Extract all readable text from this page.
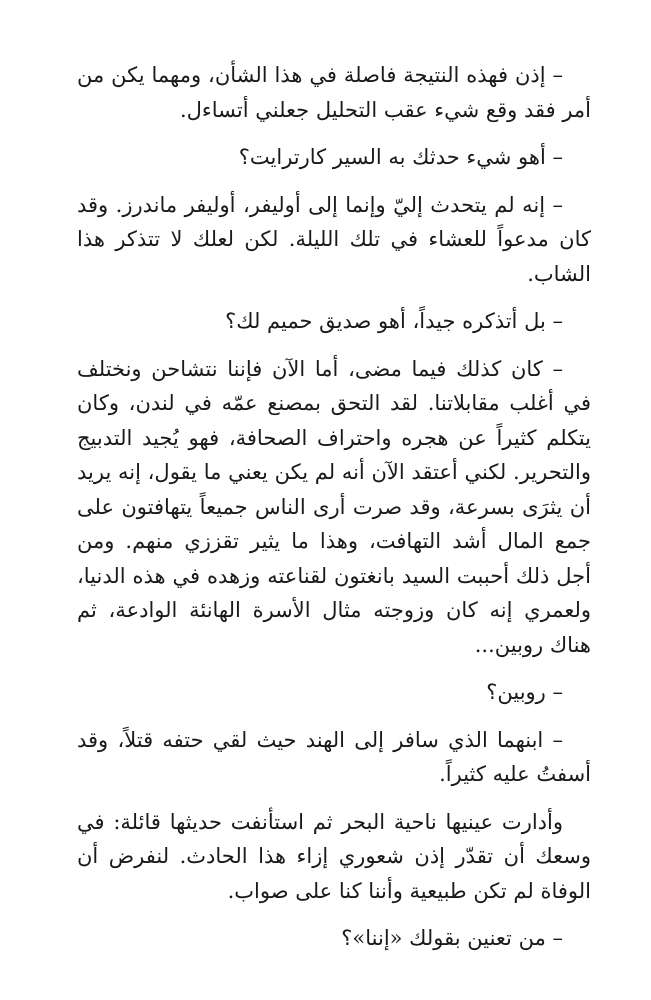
– إذن فهذه النتيجة فاصلة في هذا الشأن، ومهما يكن من أمر فقد وقع شيء عقب التحليل جعلني أتساءل.

– أهو شيء حدثك به السير كارترايت؟

– إنه لم يتحدث إليّ وإنما إلى أوليفر، أوليفر ماندرز. وقد كان مدعواً للعشاء في تلك الليلة. لكن لعلك لا تتذكر هذا الشاب.

– بل أتذكره جيداً، أهو صديق حميم لك؟

– كان كذلك فيما مضى، أما الآن فإننا نتشاحن ونختلف في أغلب مقابلاتنا. لقد التحق بمصنع عمّه في لندن، وكان يتكلم كثيراً عن هجره واحتراف الصحافة، فهو يُجيد التدبيج والتحرير. لكني أعتقد الآن أنه لم يكن يعني ما يقول، إنه يريد أن يثرَى بسرعة، وقد صرت أرى الناس جميعاً يتهافتون على جمع المال أشد التهافت، وهذا ما يثير تقززي منهم. ومن أجل ذلك أحببت السيد بانغتون لقناعته وزهده في هذه الدنيا، ولعمري إنه كان وزوجته مثال الأسرة الهانئة الوادعة، ثم هناك روبين...

– روبين؟

– ابنهما الذي سافر إلى الهند حيث لقي حتفه قتلاً، وقد أسفتُ عليه كثيراً.

وأدارت عينيها ناحية البحر ثم استأنفت حديثها قائلة: في وسعك أن تقدّر إذن شعوري إزاء هذا الحادث. لنفرض أن الوفاة لم تكن طبيعية وأننا كنا على صواب.

– من تعنين بقولك «إننا»؟
